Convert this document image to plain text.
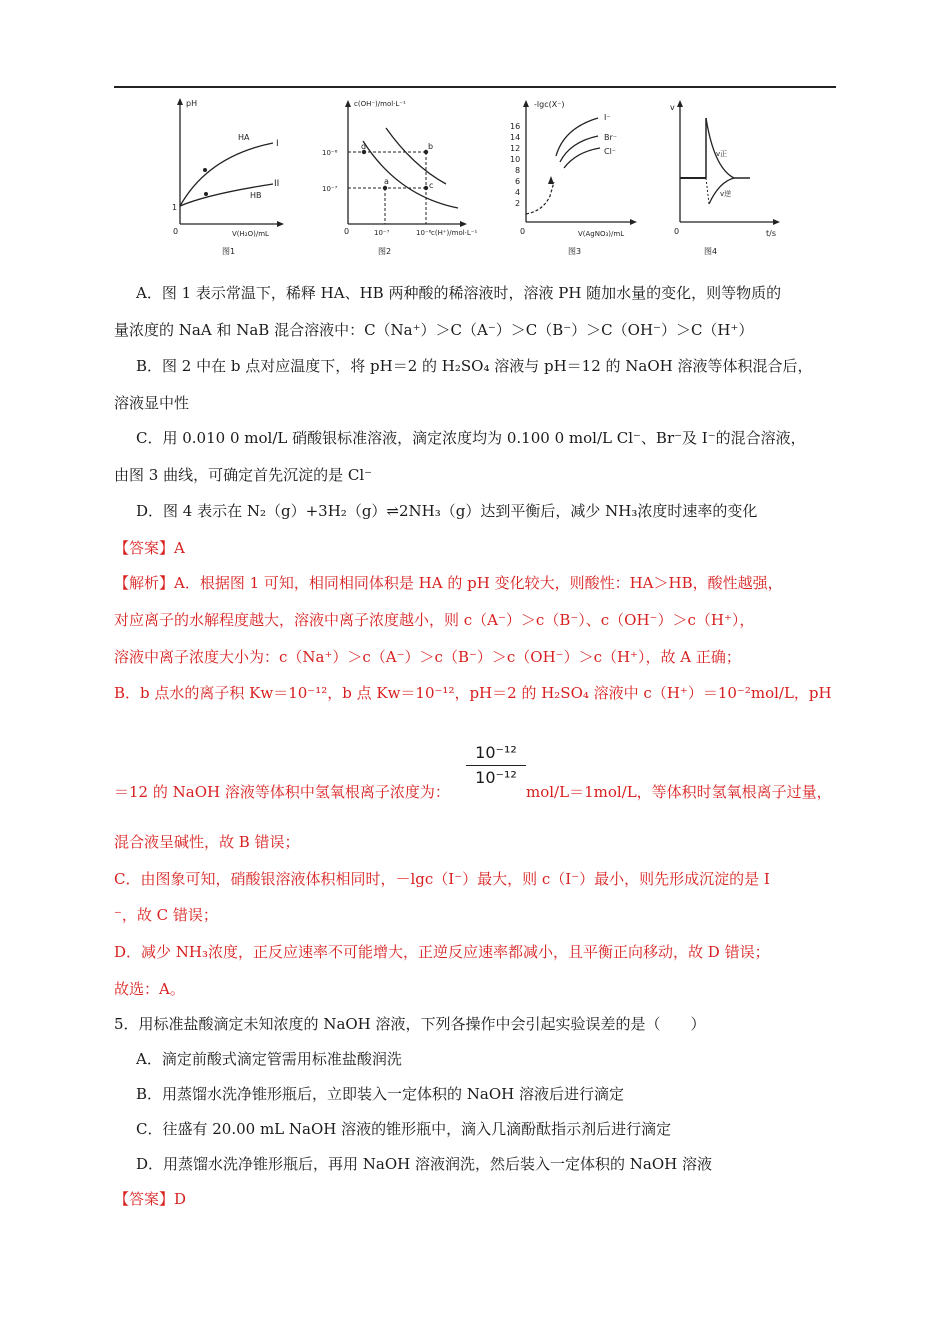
pH
HA
I
HB
II
1
0	V(H₂O)/mL
图1
c(OH⁻)/mol·L⁻¹
10⁻⁶
10⁻⁷
d	b
a	c
0	10⁻⁷	10⁻⁶ c(H⁺)/mol·L⁻¹
图2
16
14
12
10
8
6
4
2
-lgc(X⁻)
I⁻
Br⁻
Cl⁻
0	V(AgNO₃)/mL
图3
v
v正
v逆
0	t/s
图4
A．图 1 表示常温下，稀释 HA、HB 两种酸的稀溶液时，溶液 PH 随加水量的变化，则等物质的
量浓度的 NaA 和 NaB 混合溶液中：C（Na⁺）＞C（A⁻）＞C（B⁻）＞C（OH⁻）＞C（H⁺）
B．图 2 中在 b 点对应温度下，将 pH＝2 的 H₂SO₄ 溶液与 pH＝12 的 NaOH 溶液等体积混合后，
溶液显中性
C．用 0.010 0 mol/L 硝酸银标准溶液，滴定浓度均为 0.100 0 mol/L Cl⁻、Br⁻及 I⁻的混合溶液，
由图 3 曲线，可确定首先沉淀的是 Cl⁻
D．图 4 表示在 N₂（g）+3H₂（g）⇌2NH₃（g）达到平衡后，减少 NH₃浓度时速率的变化
【答案】A
【解析】A．根据图 1 可知，相同相同体积是 HA 的 pH 变化较大，则酸性：HA＞HB，酸性越强，
对应离子的水解程度越大，溶液中离子浓度越小，则 c（A⁻）＞c（B⁻）、c（OH⁻）＞c（H⁺），
溶液中离子浓度大小为：c（Na⁺）＞c（A⁻）＞c（B⁻）＞c（OH⁻）＞c（H⁺），故 A 正确；
B．b 点水的离子积 Kw＝10⁻¹²，b 点 Kw＝10⁻¹²，pH＝2 的 H₂SO₄ 溶液中 c（H⁺）＝10⁻²mol/L，pH
10⁻¹²
10⁻¹²
＝12 的 NaOH 溶液等体积中氢氧根离子浓度为：	mol/L＝1mol/L，等体积时氢氧根离子过量，
混合液呈碱性，故 B 错误；
C．由图象可知，硝酸银溶液体积相同时，－lgc（I⁻）最大，则 c（I⁻）最小，则先形成沉淀的是 I
⁻，故 C 错误；
D．减少 NH₃浓度，正反应速率不可能增大，正逆反应速率都减小，且平衡正向移动，故 D 错误；
故选：A。
5．用标准盐酸滴定未知浓度的 NaOH 溶液，下列各操作中会引起实验误差的是（　　）
A．滴定前酸式滴定管需用标准盐酸润洗
B．用蒸馏水洗净锥形瓶后，立即装入一定体积的 NaOH 溶液后进行滴定
C．往盛有 20.00 mL NaOH 溶液的锥形瓶中，滴入几滴酚酞指示剂后进行滴定
D．用蒸馏水洗净锥形瓶后，再用 NaOH 溶液润洗，然后装入一定体积的 NaOH 溶液
【答案】D
